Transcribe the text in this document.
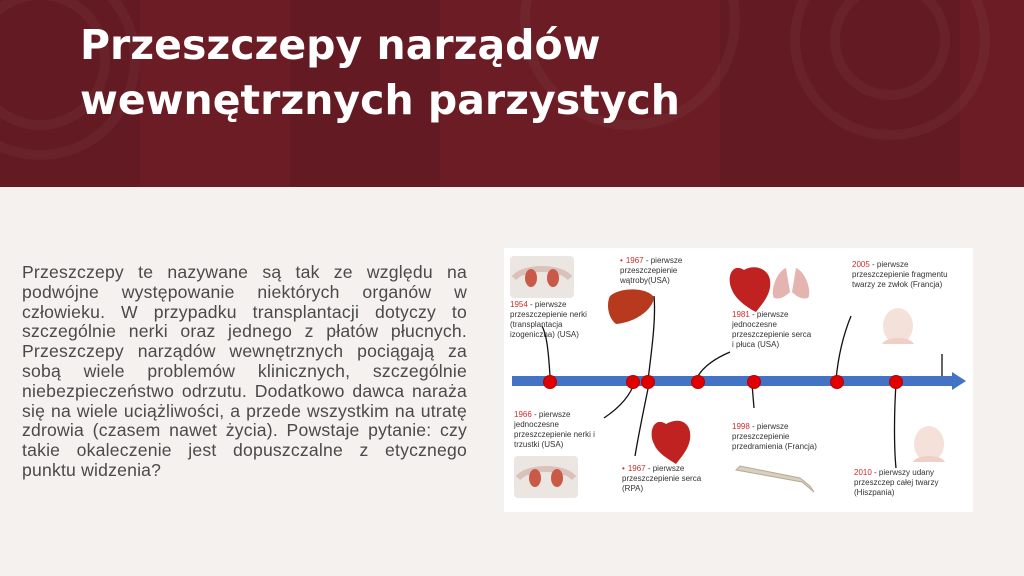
Przeszczepy narządów wewnętrznych parzystych

Przeszczepy te nazywane są tak ze względu na podwójne występowanie niektórych organów w człowieku. W przypadku transplantacji dotyczy to szczególnie nerki oraz jednego z płatów płucnych. Przeszczepy narządów wewnętrznych pociągają za sobą wiele problemów klinicznych, szczególnie niebezpieczeństwo odrzutu. Dodatkowo dawca naraża się na wiele uciążliwości, a przede wszystkim na utratę zdrowia (czasem nawet życia). Powstaje pytanie: czy takie okaleczenie jest dopuszczalne z etycznego punktu widzenia?

1954 - pierwsze przeszczepienie nerki (transplantacja izogeniczna) (USA)
1966 - pierwsze jednoczesne przeszczepienie nerki i trzustki (USA)
• 1967 - pierwsze przeszczepienie wątroby(USA)
• 1967 - pierwsze przeszczepienie serca (RPA)
1981 - pierwsze jednoczesne przeszczepienie serca i płuca (USA)
1998 - pierwsze przeszczepienie przedramienia (Francja)
2005 - pierwsze przeszczepienie fragmentu twarzy ze zwłok (Francja)
2010 - pierwszy udany przeszczep całej twarzy (Hiszpania)
